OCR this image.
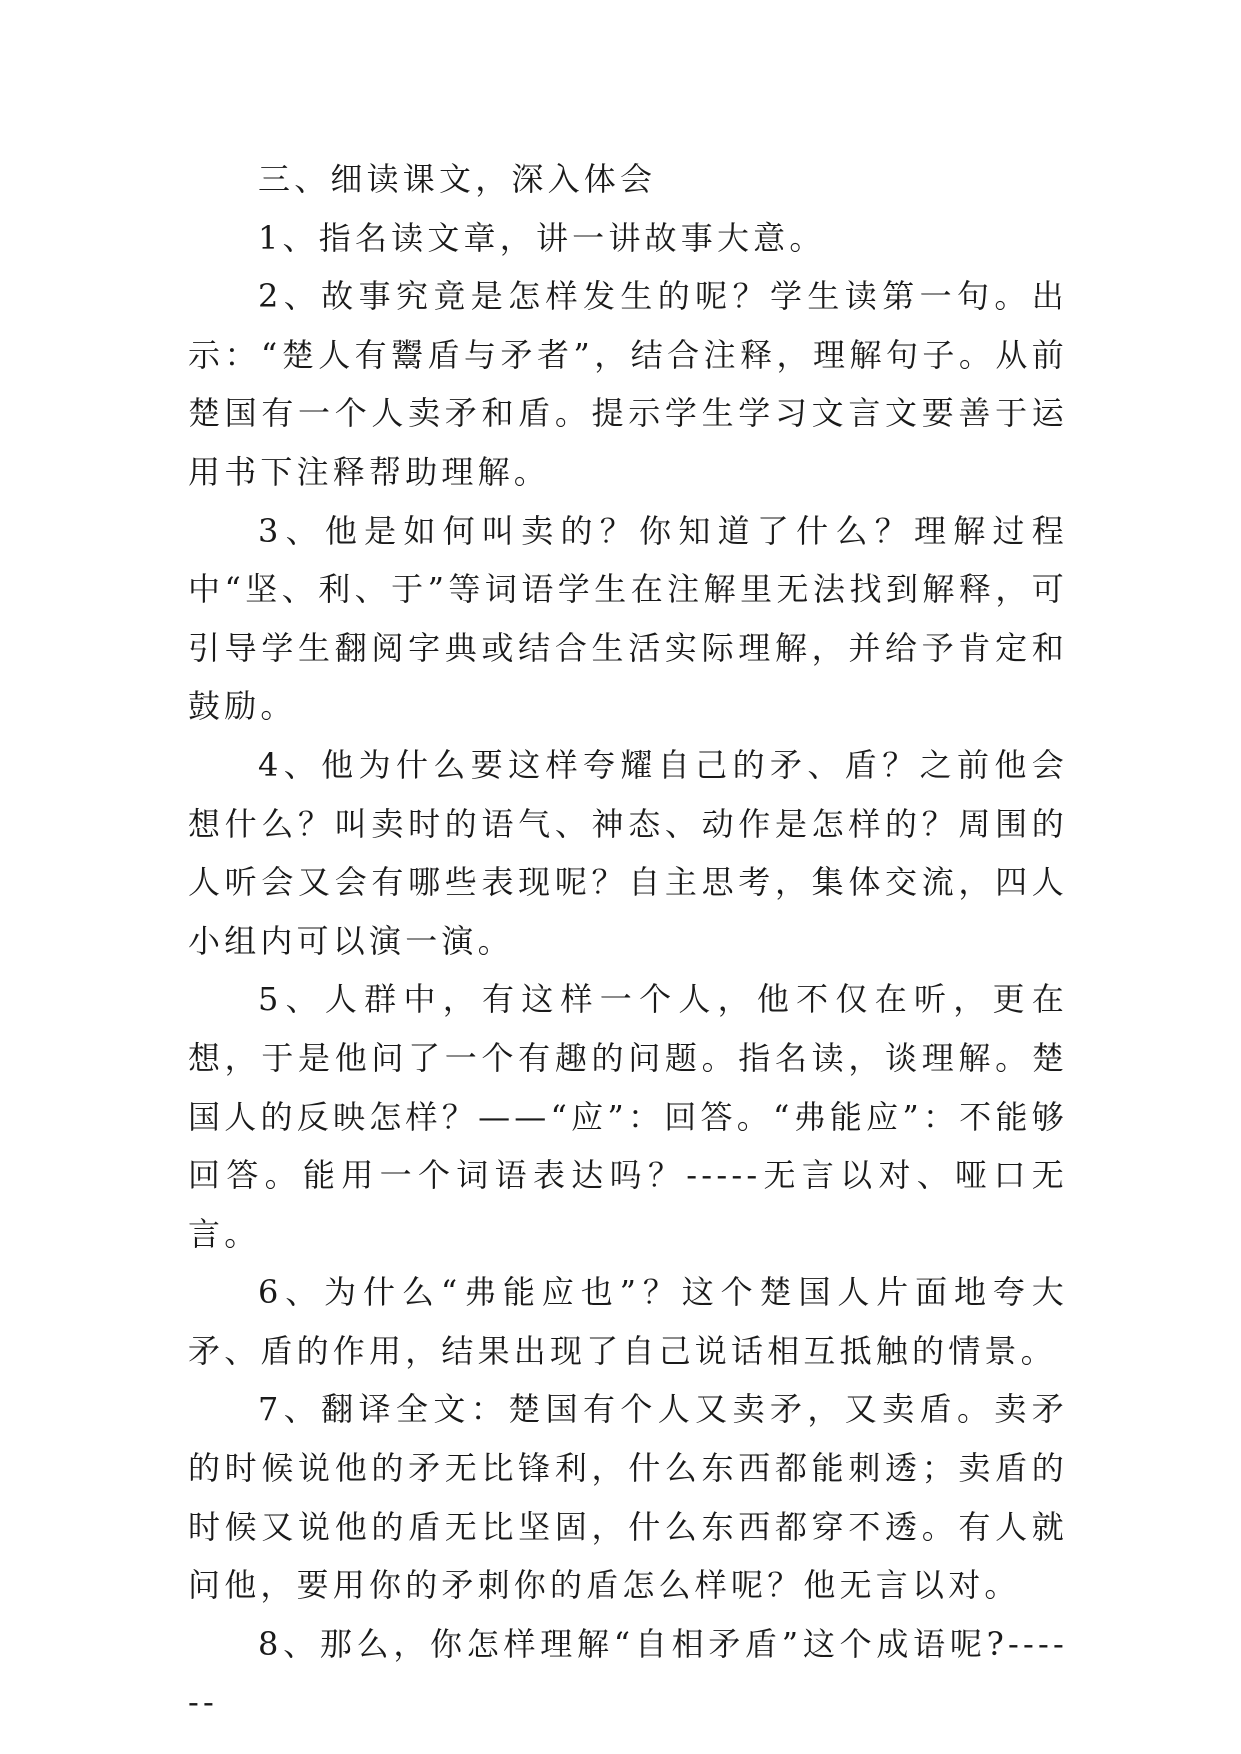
三、细读课文，深入体会

1、指名读文章，讲一讲故事大意。

2、故事究竟是怎样发生的呢？学生读第一句。出示：“楚人有鬻盾与矛者”，结合注释，理解句子。从前楚国有一个人卖矛和盾。提示学生学习文言文要善于运用书下注释帮助理解。

3、他是如何叫卖的？你知道了什么？理解过程中“坚、利、于”等词语学生在注解里无法找到解释，可引导学生翻阅字典或结合生活实际理解，并给予肯定和鼓励。

4、他为什么要这样夸耀自己的矛、盾？之前他会想什么？叫卖时的语气、神态、动作是怎样的？周围的人听会又会有哪些表现呢？自主思考，集体交流，四人小组内可以演一演。

5、人群中，有这样一个人，他不仅在听，更在想，于是他问了一个有趣的问题。指名读，谈理解。楚国人的反映怎样？——“应”：回答。“弗能应”：不能够回答。能用一个词语表达吗？-----无言以对、哑口无言。

6、为什么“弗能应也”？这个楚国人片面地夸大矛、盾的作用，结果出现了自己说话相互抵触的情景。

7、翻译全文：楚国有个人又卖矛，又卖盾。卖矛的时候说他的矛无比锋利，什么东西都能刺透；卖盾的时候又说他的盾无比坚固，什么东西都穿不透。有人就问他，要用你的矛刺你的盾怎么样呢？他无言以对。

8、那么，你怎样理解“自相矛盾”这个成语呢?------
